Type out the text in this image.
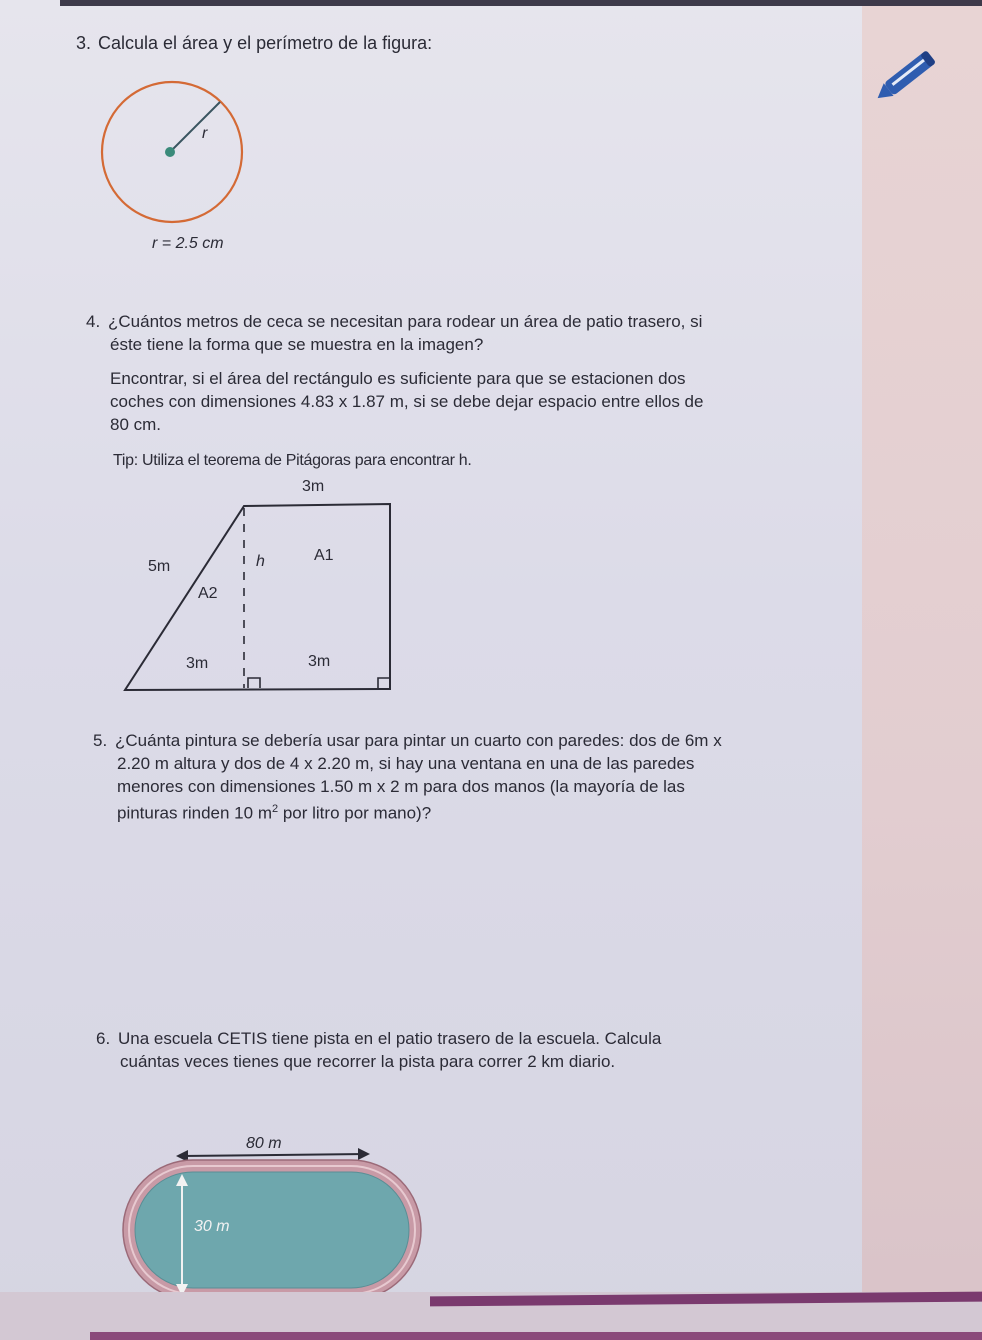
3. Calcula el área y el perímetro de la figura:
r
r = 2.5 cm
4. ¿Cuántos metros de ceca se necesitan para rodear un área de patio trasero, si
éste tiene la forma que se muestra en la imagen?
Encontrar, si el área del rectángulo es suficiente para que se estacionen dos
coches con dimensiones 4.83 x 1.87 m, si se debe dejar espacio entre ellos de
80 cm.
Tip: Utiliza el teorema de Pitágoras para encontrar h.
3m
5m	h	A1
A2
3m	3m
5. ¿Cuánta pintura se debería usar para pintar un cuarto con paredes: dos de 6m x
2.20 m altura y dos de 4 x 2.20 m, si hay una ventana en una de las paredes
menores con dimensiones 1.50 m x 2 m para dos manos (la mayoría de las
pinturas rinden 10 $m^2$ por litro por mano)?
6. Una escuela CETIS tiene pista en el patio trasero de la escuela. Calcula
cuántas veces tienes que recorrer la pista para correr 2 km diario.
80 m
30 m
